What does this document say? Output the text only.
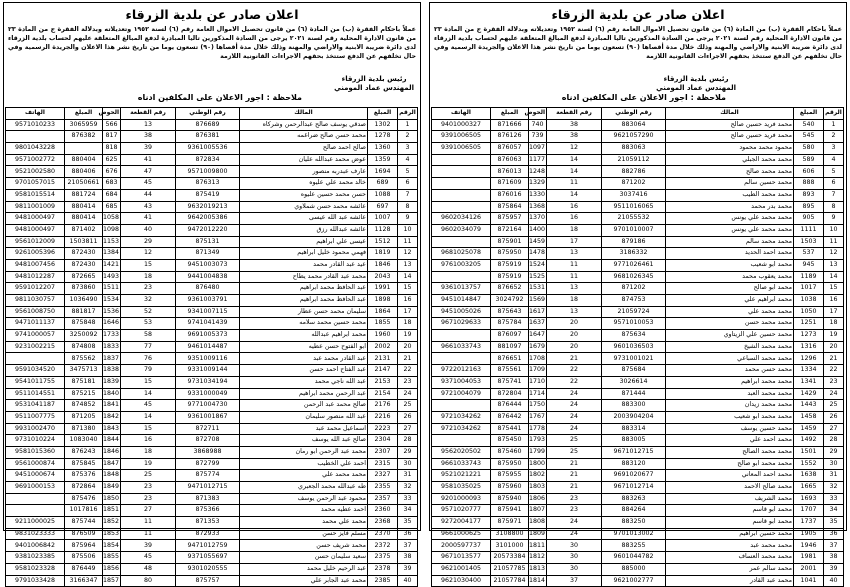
اعلان صادر عن بلدية الزرقاء
عملاً باحكام الفقرة (ب) من المادة (٦) من قانون تحصيل الاموال العامة رقم (٦) لسنة ١٩٥٢ وتعديلاته وبدلالة الفقرة ج من المادة ٢٣ من قانون الادارة المحلية رقم لسنة ٢٠٢١ يرجى من السادة المذكورين تاليا المبادرة لدفع المبالغ المتعلقة عليهم لحساب بلدية الزرقاء لدى دائرة ضريبة الابنية والاراضي والمهنة وذلك خلال مدة أقصاها (٩٠) تسعون يوما من تاريخ نشر هذا الاعلان والجريدة الرسمية وفي حال تخلفهم عن الدفع ستتخذ بحقهم الاجراءات القانونية اللازمة
رئيس بلدية الزرقاء
المهندس عماد المومني
ملاحظة : اجور الاعلان على المكلفين ادناه
الرقم	المبلغ	المالك	رقم الوطني	رقم القطعة	الحوض	المبلغ	الهاتف
1	1302	صدقي يوسف صالح عبدالرحمن وشركاه	876689	13	566	3065959	9571010233
2	1278	محمد حسن صالح ضراغمه	876381	38	817	876382	
3	1360	صالح احمد صالح	9361005536	39	818		9801043228
4	1359	عوض محمد عبدالله عليان	872834	41	625	880404	9571002772
5	1694	عارف عبدربه منصور	9571009800	47	676	880406	9521002580
6	689	خالد محمد علي عليوه	876313	45	683	21050661	9701057015
7	1088	حسن محمد حسين عليوه	875419	44	684	881724	9581015514
8	697	عائشه محمد حسن شملاوي	9632019213	43	685	880414	9811001009
9	1007	عائشه عبد الله عيسى	9642005386	41	1058	880414	9481000497
10	1128	عائشه عبدالله رزق	9472012220	40	1098	871402	9481000497
11	1512	عيسى علي ابراهيم	875131	29	1153	1503811	9561012009
12	1819	فهمي محمود خليل ابراهيم	871349	12	1384	872430	9261005396
13	1846	عيد عبد القادر محمد	9451003073	15	1421	872430	9481007456
14	2043	محمد عبد القادر محمد يطاح	9441004838	18	1493	872665	9481012287
15	1991	عبد الحافظ محمد ابراهيم	876480	23	1511	873860	9591012207
16	1898	عبد الحافظ محمد ابراهيم	9361003791	32	1534	1036490	9811030757
17	1864	سليمان محمد حسن عطار	9341007115	52	1536	881817	9561008750
18	1855	محمد حسين محمد سلامه	9741041439	53	1646	875848	9471011137
19	1960	محمد ابراهيم عبدالله	9691005373	58	1733	3250092	9741000057
20	2002	ابو الفتوح حسن عطيه	9461014487	77	1833	874808	9231002215
21	2131	عبد القادر محمد عبد	9351009116	76	1837	875562	
22	2147	عبد الفتاح احمد حسن	9331009144	79	1838	3475713	9591034520
23	2153	عبد الله ناجي محمد	9731034194	15	1839	875181	9541011755
24	2154	عبد الرحمن محمد ابراهيم	9331000049	14	1840	875215	9511014551
25	2176	صالح محمد عبد الرحمن	9771004730	45	1841	874852	9531041187
26	2216	عبد الله منصور سليمان	9361001867	14	1842	871205	9511007775
27	2223	اسماعيل محمد عبد	872711	15	1843	871380	9931002470
28	2304	صالح عبد الله يوسف	872708	16	1844	1083040	9731010224
29	2307	محمد عبد الرحمن ابو رمان	3868988	18	1846	876243	9581015360
30	2315	احمد علي الخطيب	872799	19	1847	875845	9561000874
31	2327	محمد محمد علي	875774	25	1848	875376	9451000674
32	2355	طه عبدالله محمد الجعبري	9471012715	23	1849	872864	9691000153
33	2357	محمود عبد الرحمن يوسف	871383	23	1850	875476	
34	2360	احمد عطيه محمد	875366	27	1851	1017816	
35	2368	محمد علي محمد	871353	11	1852	875744	9211000025
36	2370	مسلم فايز حسن	872933	11	1853	876509	9831023333
37	2372	محمد شريف حسن	9471012759	39	1854	875964	9401006842
38	2375	سعيد سليمان حسن	9371055697	45	1855	875506	9381023385
39	2378	عبد الرحيم خليل محمد	9301020555	48	1856	876449	9581023328
40	2385	محمد عبد الجابر علي	875757	80	1857	3166347	9791033428
اعلان صادر عن بلدية الزرقاء
عملاً باحكام الفقرة (ب) من المادة (٦) من قانون تحصيل الاموال العامة رقم (٦) لسنة ١٩٥٢ وتعديلاته وبدلالة الفقرة ج من المادة ٢٣ من قانون الادارة المحلية رقم لسنة ٢٠٢١ يرجى من السادة المذكورين تاليا المبادرة لدفع المبالغ المتعلقة عليهم لحساب بلدية الزرقاء لدى دائرة ضريبة الابنية والاراضي والمهنة وذلك خلال مدة أقصاها (٩٠) تسعون يوما من تاريخ نشر هذا الاعلان والجريدة الرسمية وفي حال تخلفهم عن الدفع ستتخذ بحقهم الاجراءات القانونية اللازمة
رئيس بلدية الزرقاء
المهندس عماد المومني
ملاحظة : اجور الاعلان على المكلفين ادناه
الرقم	المبلغ	المالك	رقم الوطني	رقم القطعة	الحوض	المبلغ	الهاتف
1	540	محمد فريد حسين صالح	883064	38	740	871666	9401000327
2	545	محمد فريد حسين صالح	9621057290	38	739	876126	9391006505
3	580	محمود محمد محمود	883063	12	1097	876057	9391006505
4	589	محمد محمد الجبلي	21059112	14	1177	876063	
5	606	محمد محمد صالح	882786	14	1248	876013	
6	888	محمد حسين سالم	871202	11	1329	871609	
7	893	محمد محمد الطيب	3037416	14	1330	876016	
8	895	محمد بدر محمد	9511016065	16	1368	875864	
9	905	محمد محمد علي يونس	21055532	16	1370	875957	9602034126
10	1111	محمد محمد علي يونس	9701010007	18	1400	872164	9602034079
11	1503	محمد محمد سالم	879186	17	1459	875901	
12	537	محمد احمد الحديد	3186332	13	1478	875950	9681025078
13	945	محمد ابو شعيب	9771026461	11	1524	875919	9761003205
14	1189	محمد يعقوب محمد	9681026345	11	1525	875919	
15	1017	محمد ابو صالح	871202	13	1531	876652	9361013757
16	1038	محمد ابراهيم علي	874753	18	1569	3024792	9451014847
17	1050	محمد محمد علي	21059724	13	1617	875643	9451005026
18	1251	محمد محمد حسن	9571010053	20	1637	875784	9671029633
19	1273	محمد حسين علي الزيتاوي	875634	20	1647	876097	
20	1316	محمد محمد الشيخ	9601036503	20	1679	881097	9661033743
21	1296	محمد محمد السباعي	9731001021	21	1708	876651	
22	1334	محمد حسن محمد	875684	22	1709	875561	9722012163
23	1341	محمد محمد ابراهيم	3026614	22	1710	875741	9371004053
24	1429	محمد محمد العبد	871444	24	1714	872804	9721004079
25	1443	محمد محمد زيدان	883300	24	1750	876444	
26	1458	محمد محمد ابو شعيب	2003904204	24	1767	876442	9721034262
27	1459	محمد حسين يوسف	883314	24	1778	875441	9721034262
28	1492	محمد احمد علي	883005	25	1793	875450	
29	1501	محمد محمد الصالح	9671012715	25	1799	875460	9562020502
30	1552	محمد محمد ابو صالح	883120	21	1800	875950	9661033743
31	1638	محمد احمد المعاني	9691020677	21	1802	875955	9521021221
32	1665	محمد صالح الاحمد	9671012714	21	1803	875960	9581035025
33	1693	محمد الشريف	883263	23	1806	875940	9201000093
34	1707	محمد ابو قاسم	884264	23	1807	875941	9571020777
35	1737	محمد ابو قاسم	883250	24	1808	875971	9272004177
36	1905	محمد حسين ابراهيم	9701013002	24	1809	3108800	9661000625
37	1946	محمد محمد عبد	883255	30	1811	3101000	2000597737
38	1981	محمد محمد العساف	9601044782	30	1812	20573384	9671013577
39	2001	محمد سالم عمر	885000	30	1813	21057785	9621001405
40	1041	محمد عبد القادر	9621002777	37	1814	21057784	9621030400
